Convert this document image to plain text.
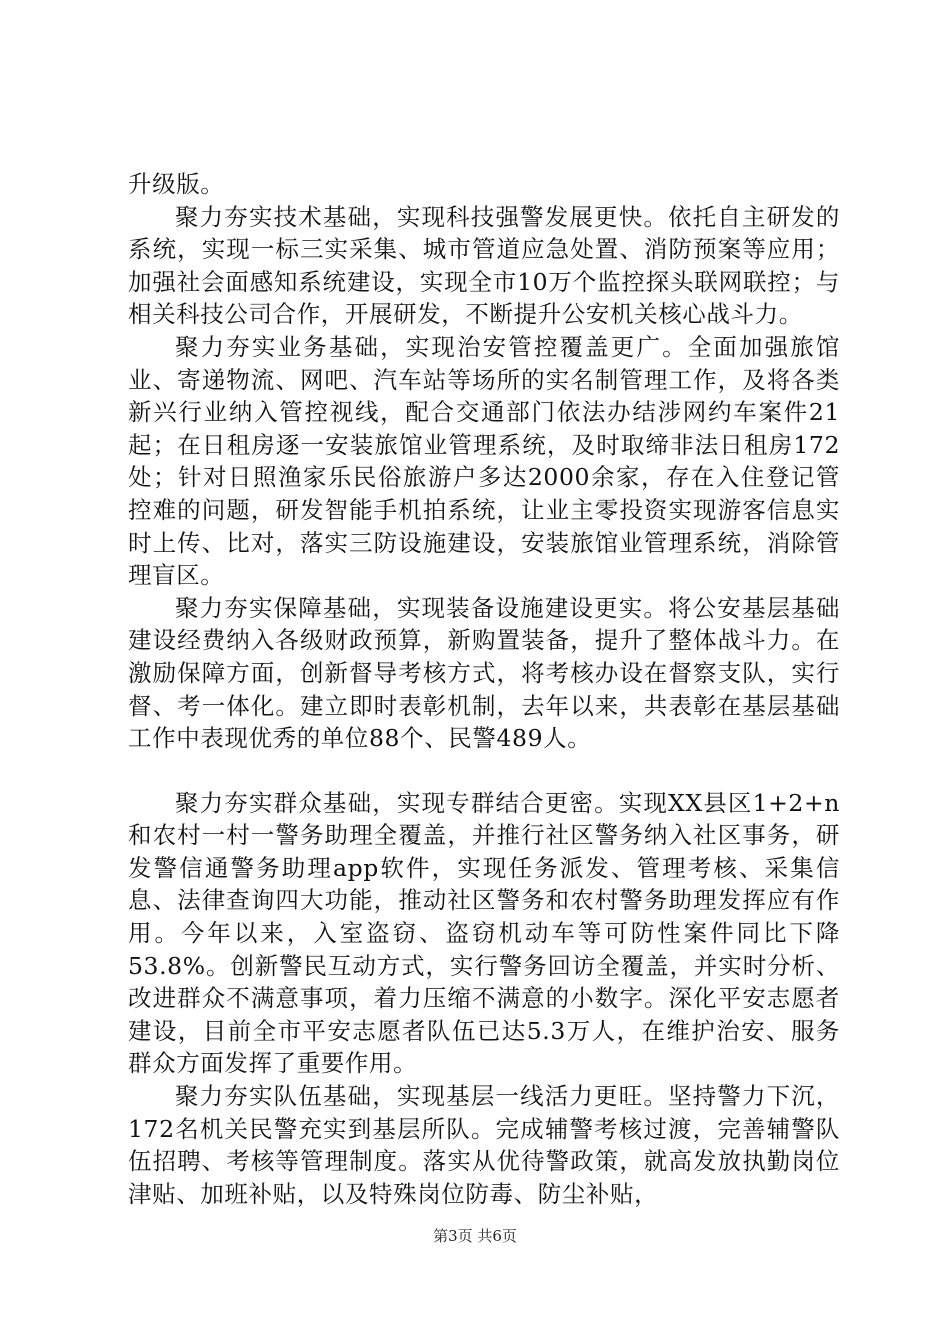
升级版。

聚力夯实技术基础，实现科技强警发展更快。依托自主研发的系统，实现一标三实采集、城市管道应急处置、消防预案等应用；加强社会面感知系统建设，实现全市10万个监控探头联网联控；与相关科技公司合作，开展研发，不断提升公安机关核心战斗力。

聚力夯实业务基础，实现治安管控覆盖更广。全面加强旅馆业、寄递物流、网吧、汽车站等场所的实名制管理工作，及将各类新兴行业纳入管控视线，配合交通部门依法办结涉网约车案件21起；在日租房逐一安装旅馆业管理系统，及时取缔非法日租房172处；针对日照渔家乐民俗旅游户多达2000余家，存在入住登记管控难的问题，研发智能手机拍系统，让业主零投资实现游客信息实时上传、比对，落实三防设施建设，安装旅馆业管理系统，消除管理盲区。

聚力夯实保障基础，实现装备设施建设更实。将公安基层基础建设经费纳入各级财政预算，新购置装备，提升了整体战斗力。在激励保障方面，创新督导考核方式，将考核办设在督察支队，实行督、考一体化。建立即时表彰机制，去年以来，共表彰在基层基础工作中表现优秀的单位88个、民警489人。

聚力夯实群众基础，实现专群结合更密。实现XX县区1+2+n和农村一村一警务助理全覆盖，并推行社区警务纳入社区事务，研发警信通警务助理app软件，实现任务派发、管理考核、采集信息、法律查询四大功能，推动社区警务和农村警务助理发挥应有作用。今年以来，入室盗窃、盗窃机动车等可防性案件同比下降53.8%。创新警民互动方式，实行警务回访全覆盖，并实时分析、改进群众不满意事项，着力压缩不满意的小数字。深化平安志愿者建设，目前全市平安志愿者队伍已达5.3万人，在维护治安、服务群众方面发挥了重要作用。

聚力夯实队伍基础，实现基层一线活力更旺。坚持警力下沉，172名机关民警充实到基层所队。完成辅警考核过渡，完善辅警队伍招聘、考核等管理制度。落实从优待警政策，就高发放执勤岗位津贴、加班补贴，以及特殊岗位防毒、防尘补贴，

第3页 共6页
